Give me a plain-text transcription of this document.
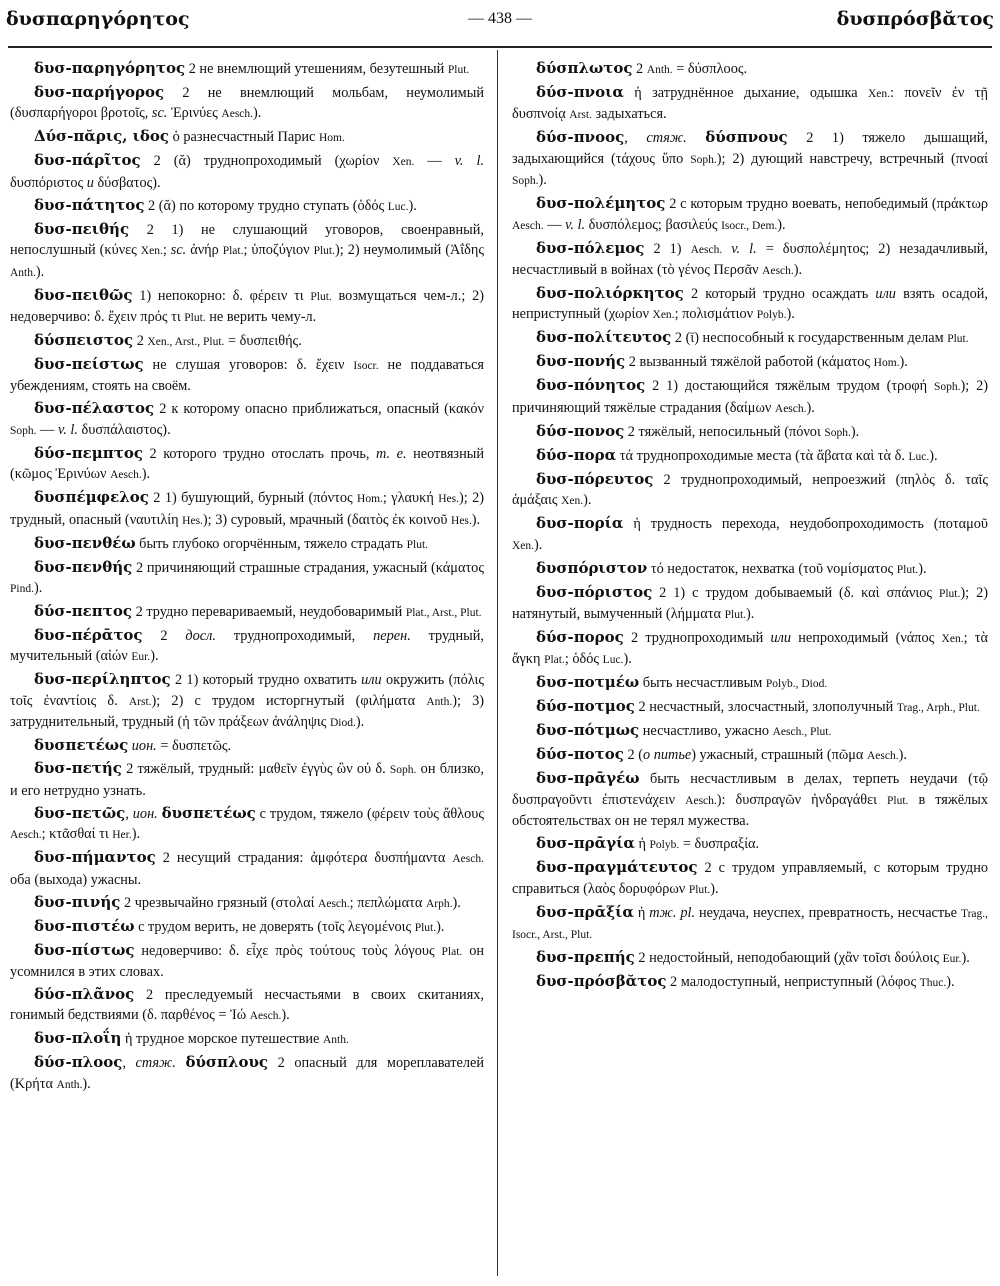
δυσπαρηγόρητος	— 438 —	δυσπρόσβᾰτος
δυσ-παρηγόρητος 2 не внемлющий утешениям, безутешный Plut.
δυσ-παρήγορος 2 не внемлющий мольбам, неумолимый (δυσπαρήγοροι βροτοῖς, sc. Ἐρινύες Aesch.).
Δύσ-πᾰρις, ιδος ὁ разнесчастный Парис Hom.
δυσ-πάρῖτος 2 (ᾰ) труднопроходимый (χωρίον Xen. — v. l. δυσπόριστος и δύσβατος).
δυσ-πάτητος 2 (ᾰ) по которому трудно ступать (ὁδός Luc.).
δυσ-πειθής 2 1) не слушающий уговоров, своенравный, непослушный (κύνες Xen.; sc. ἀνήρ Plat.; ὑποζύγιον Plut.); 2) неумолимый (Ἀΐδης Anth.).
δυσ-πειθῶς 1) непокорно: δ. φέρειν τι Plut. возмущаться чем-л.; 2) недоверчиво: δ. ἔχειν πρός τι Plut. не верить чему-л.
δύσπειστος 2 Xen., Arst., Plut. = δυσπειθής.
δυσ-πείστως не слушая уговоров: δ. ἔχειν Isocr. не поддаваться убеждениям, стоять на своём.
δυσ-πέλαστος 2 к которому опасно приближаться, опасный (κακόν Soph. — v. l. δυσπάλαιστος).
δύσ-πεμπτος 2 которого трудно отослать прочь, т. е. неотвязный (κῶμος Ἐρινύων Aesch.).
δυσπέμφελος 2 1) бушующий, бурный (πόντος Hom.; γλαυκή Hes.); 2) трудный, опасный (ναυτιλίη Hes.); 3) суровый, мрачный (δαιτὸς ἐκ κοινοῦ Hes.).
δυσ-πενθέω быть глубоко огорчённым, тяжело страдать Plut.
δυσ-πενθής 2 причиняющий страшные страдания, ужасный (κάματος Pind.).
δύσ-πεπτος 2 трудно перевариваемый, неудобоваримый Plat., Arst., Plut.
δυσ-πέρᾱτος 2 досл. труднопроходимый, перен. трудный, мучительный (αἰών Eur.).
δυσ-περίληπτος 2 1) который трудно охватить или окружить (πόλις τοῖς ἐναντίοις δ. Arst.); 2) с трудом исторгнутый (φιλήματα Anth.); 3) затруднительный, трудный (ἡ τῶν πράξεων ἀνάληψις Diod.).
δυσπετέως ион. = δυσπετῶς.
δυσ-πετής 2 тяжёлый, трудный: μαθεῖν ἐγγὺς ὢν οὐ δ. Soph. он близко, и его нетрудно узнать.
δυσ-πετῶς, ион. δυσπετέως с трудом, тяжело (φέρειν τοὺς ἄθλους Aesch.; κτᾶσθαί τι Her.).
δυσ-πήμαντος 2 несущий страдания: ἀμφότερα δυσπήμαντα Aesch. оба (выхода) ужасны.
δυσ-πινής 2 чрезвычайно грязный (στολαί Aesch.; πεπλώματα Arph.).
δυσ-πιστέω с трудом верить, не доверять (τοῖς λεγομένοις Plut.).
δυσ-πίστως недоверчиво: δ. εἶχε πρὸς τούτους τοὺς λόγους Plat. он усомнился в этих словах.
δύσ-πλᾶνος 2 преследуемый несчастьями в своих скитаниях, гонимый бедствиями (δ. παρθένος = Ἰώ Aesch.).
δυσ-πλοΐη ἡ трудное морское путешествие Anth.
δύσ-πλοος, стяж. δύσπλους 2 опасный для мореплавателей (Κρήτα Anth.).
δύσπλωτος 2 Anth. = δύσπλοος.
δύσ-πνοια ἡ затруднённое дыхание, одышка Xen.: πονεῖν ἐν τῇ δυσπνοίᾳ Arst. задыхаться.
δύσ-πνοος, стяж. δύσπνους 2 1) тяжело дышащий, задыхающийся (τάχους ὕπο Soph.); 2) дующий навстречу, встречный (πνοαί Soph.).
δυσ-πολέμητος 2 с которым трудно воевать, непобедимый (πράκτωρ Aesch. — v. l. δυσπόλεμος; βασιλεύς Isocr., Dem.).
δυσ-πόλεμος 2 1) Aesch. v. l. = δυσπολέμητος; 2) незадачливый, несчастливый в войнах (τὸ γένος Περσᾶν Aesch.).
δυσ-πολιόρκητος 2 который трудно осаждать или взять осадой, неприступный (χωρίον Xen.; πολισμάτιον Polyb.).
δυσ-πολίτευτος 2 (ῑ) неспособный к государственным делам Plut.
δυσ-πονής 2 вызванный тяжёлой работой (κάματος Hom.).
δυσ-πόνητος 2 1) достающийся тяжёлым трудом (τροφή Soph.); 2) причиняющий тяжёлые страдания (δαίμων Aesch.).
δύσ-πονος 2 тяжёлый, непосильный (πόνοι Soph.).
δύσ-πορα τά труднопроходимые места (τὰ ἄβατα καὶ τὰ δ. Luc.).
δυσ-πόρευτος 2 труднопроходимый, непроезжий (πηλὸς δ. ταῖς ἁμάξαις Xen.).
δυσ-πορία ἡ трудность перехода, неудобопроходимость (ποταμοῦ Xen.).
δυσπόριστον τό недостаток, нехватка (τοῦ νομίσματος Plut.).
δυσ-πόριστος 2 1) с трудом добываемый (δ. καὶ σπάνιος Plut.); 2) натянутый, вымученный (λήμματα Plut.).
δύσ-πορος 2 труднопроходимый или непроходимый (νάπος Xen.; τὰ ἄγκη Plat.; ὁδός Luc.).
δυσ-ποτμέω быть несчастливым Polyb., Diod.
δύσ-ποτμος 2 несчастный, злосчастный, злополучный Trag., Arph., Plut.
δυσ-πότμως несчастливо, ужасно Aesch., Plut.
δύσ-ποτος 2 (о питье) ужасный, страшный (πῶμα Aesch.).
δυσ-πρᾱγέω быть несчастливым в делах, терпеть неудачи (τῷ δυσπραγοῦντι ἐπιστενάχειν Aesch.): δυσπραγῶν ἠνδραγάθει Plut. в тяжёлых обстоятельствах он не терял мужества.
δυσ-πρᾱγία ἡ Polyb. = δυσπραξία.
δυσ-πραγμάτευτος 2 с трудом управляемый, с которым трудно справиться (λαὸς δορυφόρων Plut.).
δυσ-πρᾱξία ἡ тж. pl. неудача, неуспех, превратность, несчастье Trag., Isocr., Arst., Plut.
δυσ-πρεπής 2 недостойный, неподобающий (χἂν τοῖσι δούλοις Eur.).
δυσ-πρόσβᾰτος 2 малодоступный, неприступный (λόφος Thuc.).
